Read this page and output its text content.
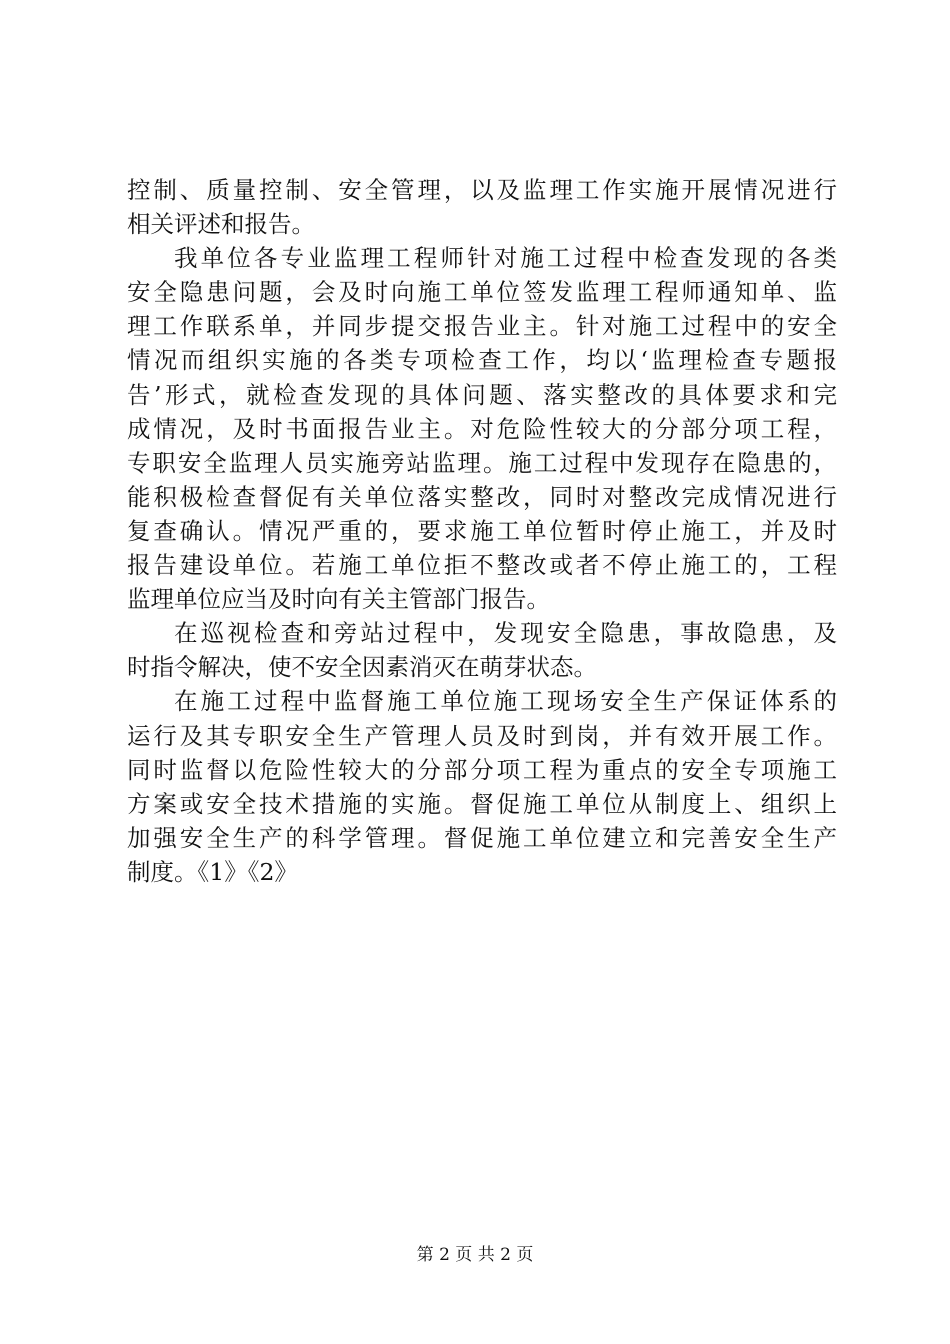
控制、质量控制、安全管理，以及监理工作实施开展情况进行
相关评述和报告。
我单位各专业监理工程师针对施工过程中检查发现的各类
安全隐患问题，会及时向施工单位签发监理工程师通知单、监
理工作联系单，并同步提交报告业主。针对施工过程中的安全
情况而组织实施的各类专项检查工作，均以‘监理检查专题报
告’形式，就检查发现的具体问题、落实整改的具体要求和完
成情况，及时书面报告业主。对危险性较大的分部分项工程，
专职安全监理人员实施旁站监理。施工过程中发现存在隐患的，
能积极检查督促有关单位落实整改，同时对整改完成情况进行
复查确认。情况严重的，要求施工单位暂时停止施工，并及时
报告建设单位。若施工单位拒不整改或者不停止施工的，工程
监理单位应当及时向有关主管部门报告。
在巡视检查和旁站过程中，发现安全隐患，事故隐患，及
时指令解决，使不安全因素消灭在萌芽状态。
在施工过程中监督施工单位施工现场安全生产保证体系的
运行及其专职安全生产管理人员及时到岗，并有效开展工作。
同时监督以危险性较大的分部分项工程为重点的安全专项施工
方案或安全技术措施的实施。督促施工单位从制度上、组织上
加强安全生产的科学管理。督促施工单位建立和完善安全生产
制度。《1》《2》
第 2 页 共 2 页
